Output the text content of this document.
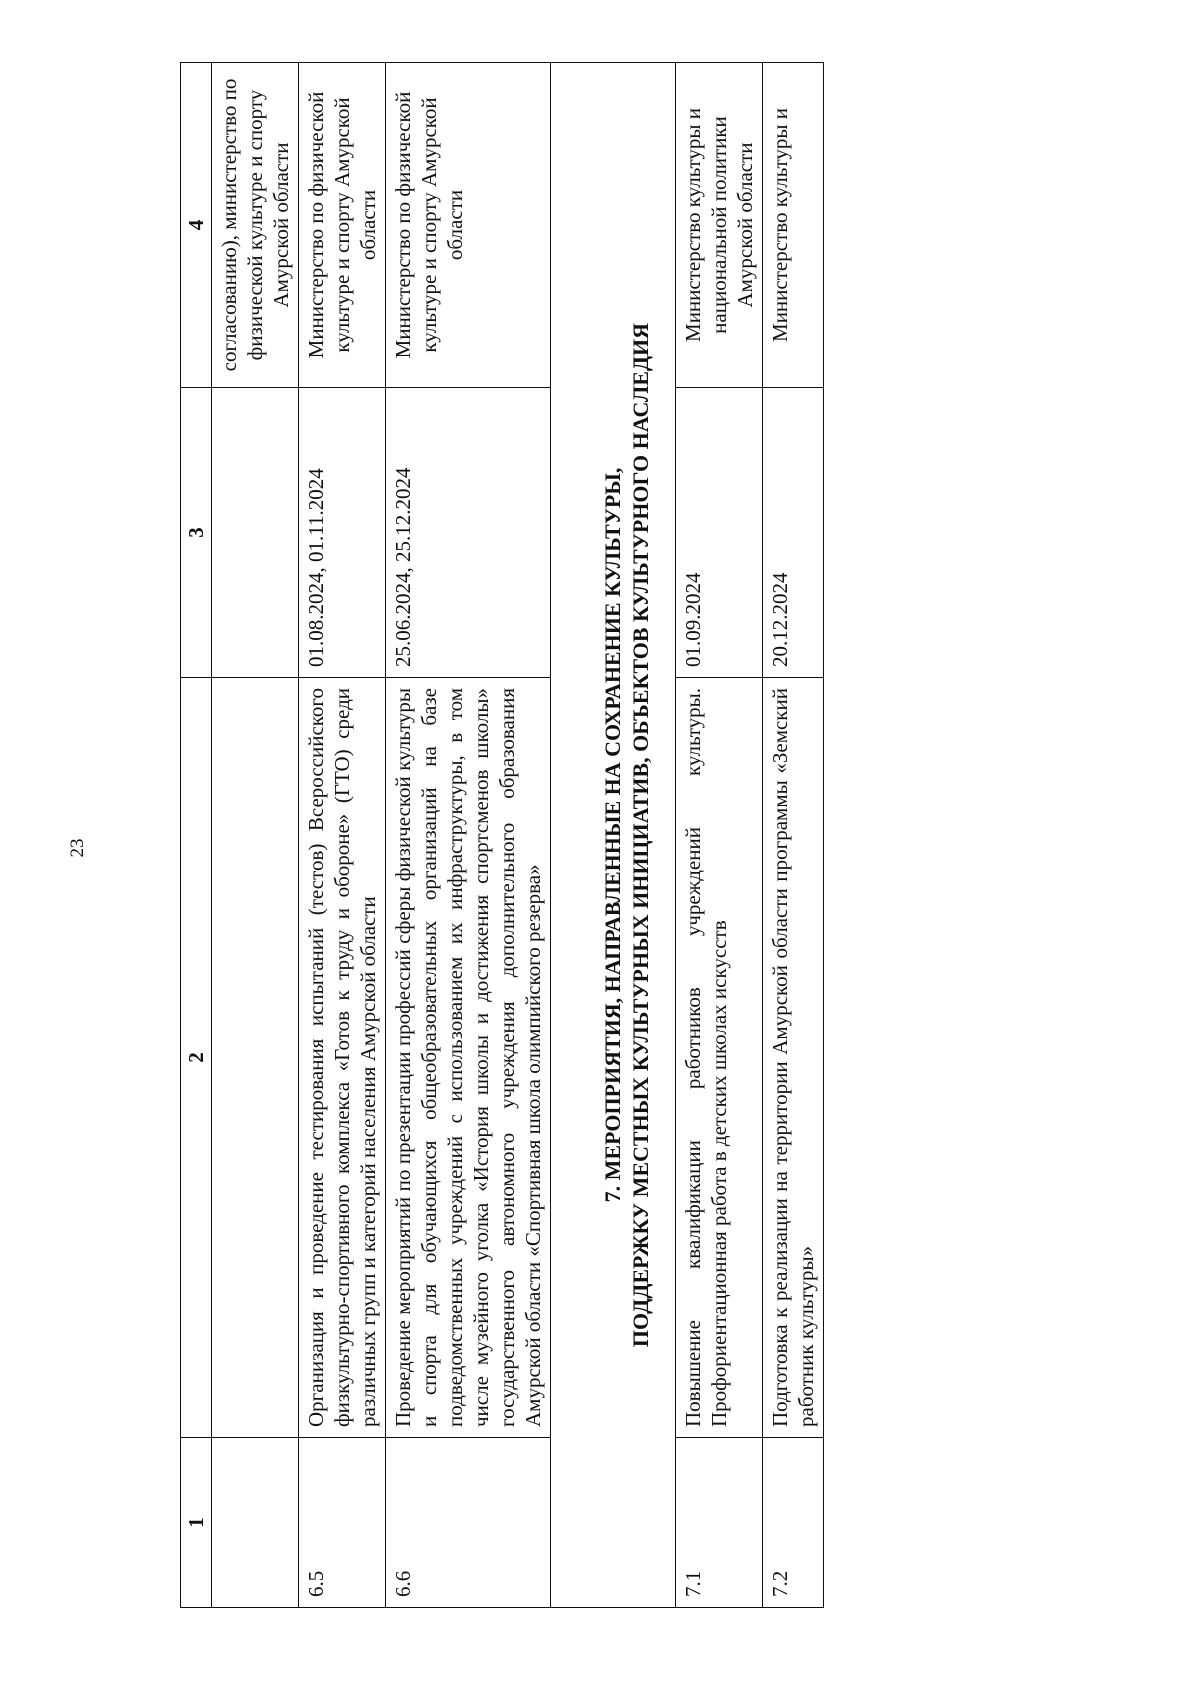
23
1	2	3	4
			согласованию), министерство по физической культуре и спорту Амурской области
6.5	Организация и проведение тестирования испытаний (тестов) Всероссийского физкультурно-спортивного комплекса «Готов к труду и обороне» (ГТО) среди различных групп и категорий населения Амурской области	01.08.2024, 01.11.2024	Министерство по физической культуре и спорту Амурской области
6.6	Проведение мероприятий по презентации профессий сферы физической культуры и спорта для обучающихся общеобразовательных организаций на базе подведомственных учреждений с использованием их инфраструктуры, в том числе музейного уголка «История школы и достижения спортсменов школы» государственного автономного учреждения дополнительного образования Амурской области «Спортивная школа олимпийского резерва»	25.06.2024, 25.12.2024	Министерство по физической культуре и спорту Амурской области

7. МЕРОПРИЯТИЯ, НАПРАВЛЕННЫЕ НА СОХРАНЕНИЕ КУЛЬТУРЫ, ПОДДЕРЖКУ МЕСТНЫХ КУЛЬТУРНЫХ ИНИЦИАТИВ, ОБЪЕКТОВ КУЛЬТУРНОГО НАСЛЕДИЯ			

7.1	Повышение квалификации работников учреждений культуры. Профориентационная работа в детских школах искусств	01.09.2024	Министерство культуры и национальной политики Амурской области
7.2	Подготовка к реализации на территории Амурской области программы «Земский работник культуры»	20.12.2024	Министерство культуры и
